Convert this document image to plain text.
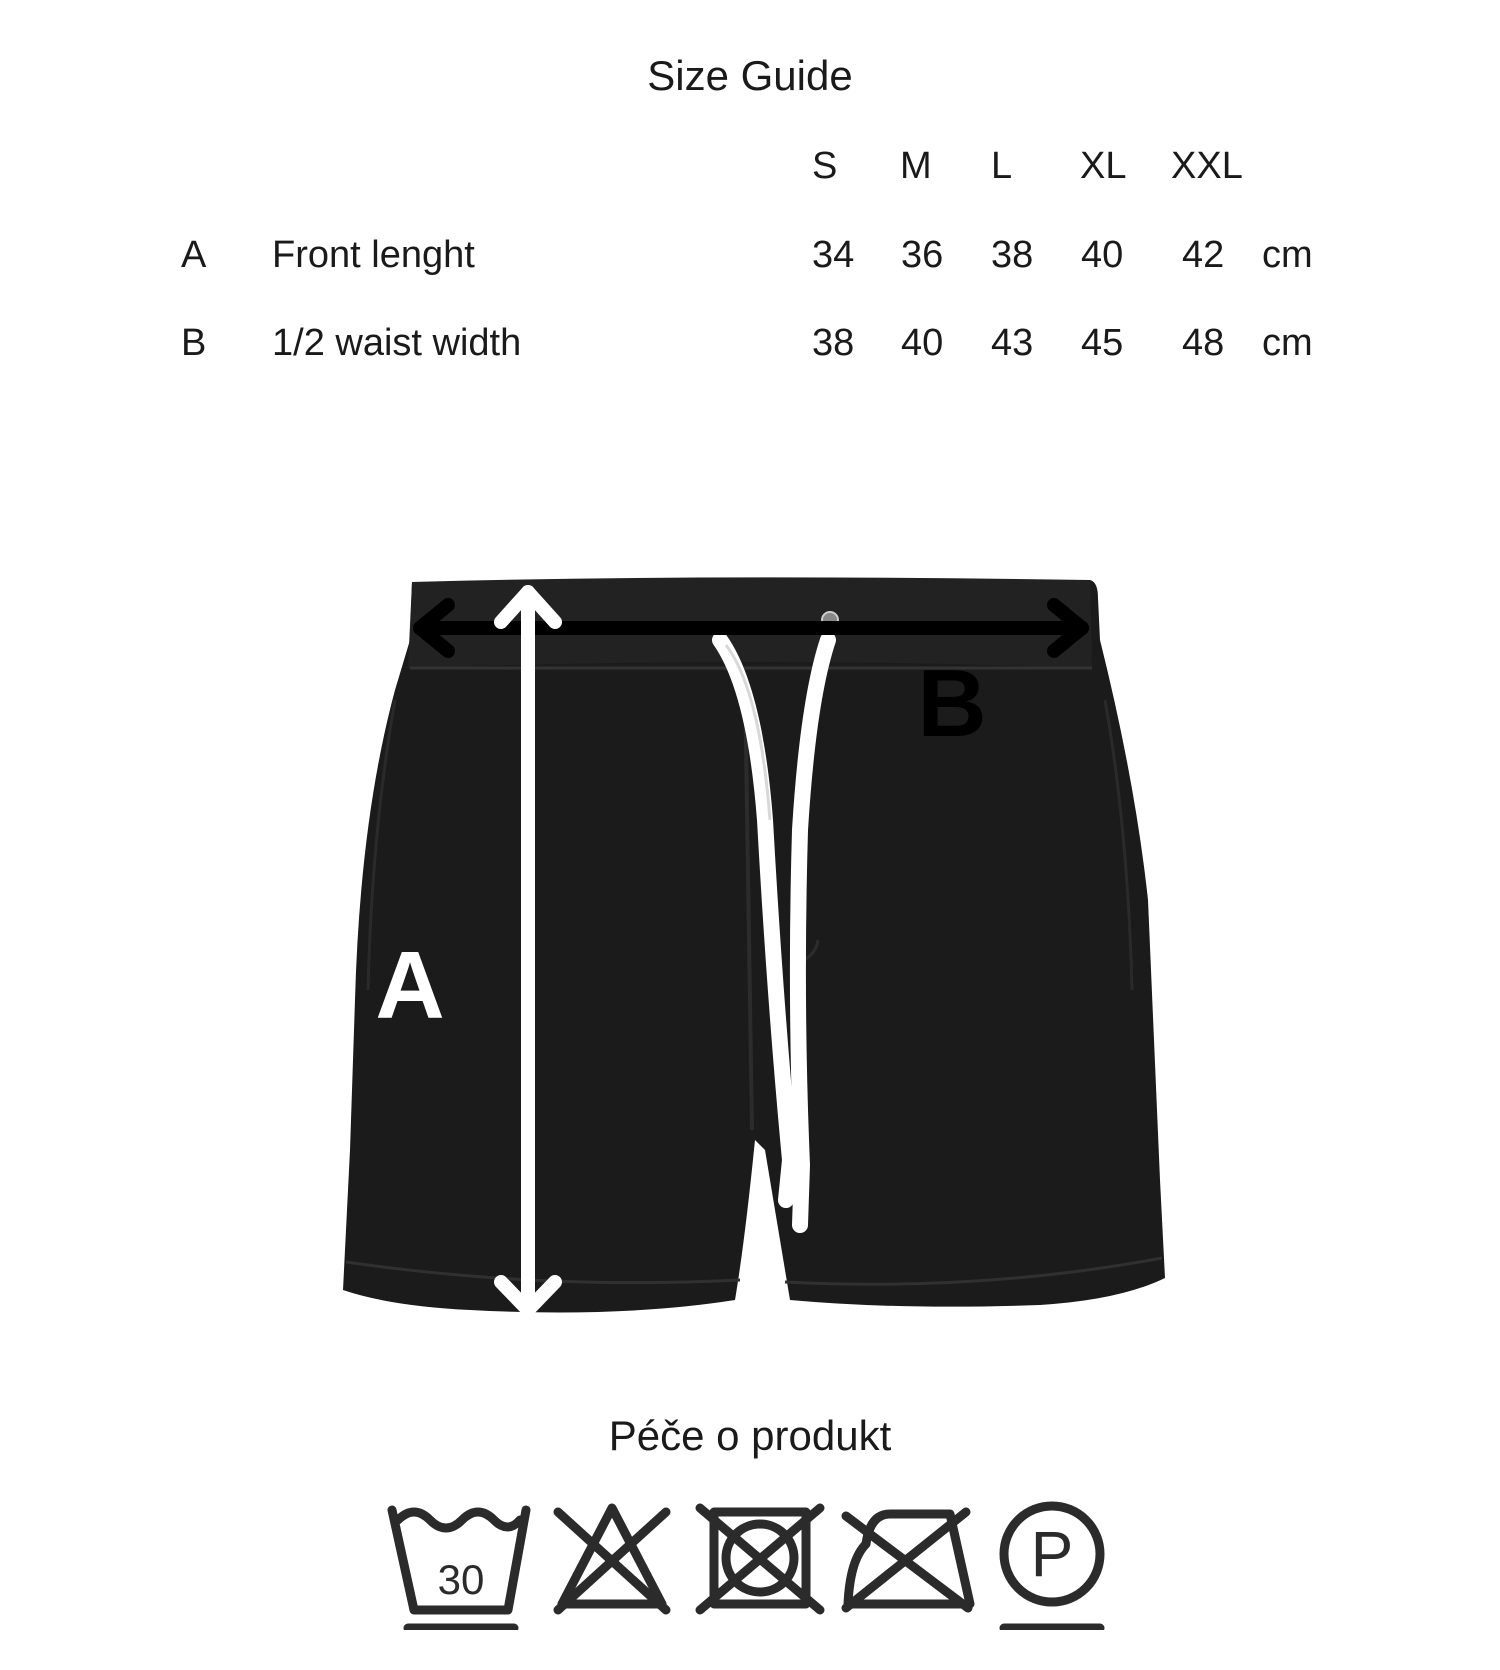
Size Guide
S M L XL XXL
A Front lenght	34 36 38 40 42 cm
B 1/2 waist width	38 40 43 45 48 cm
A
B
Péče o produkt
30	P
